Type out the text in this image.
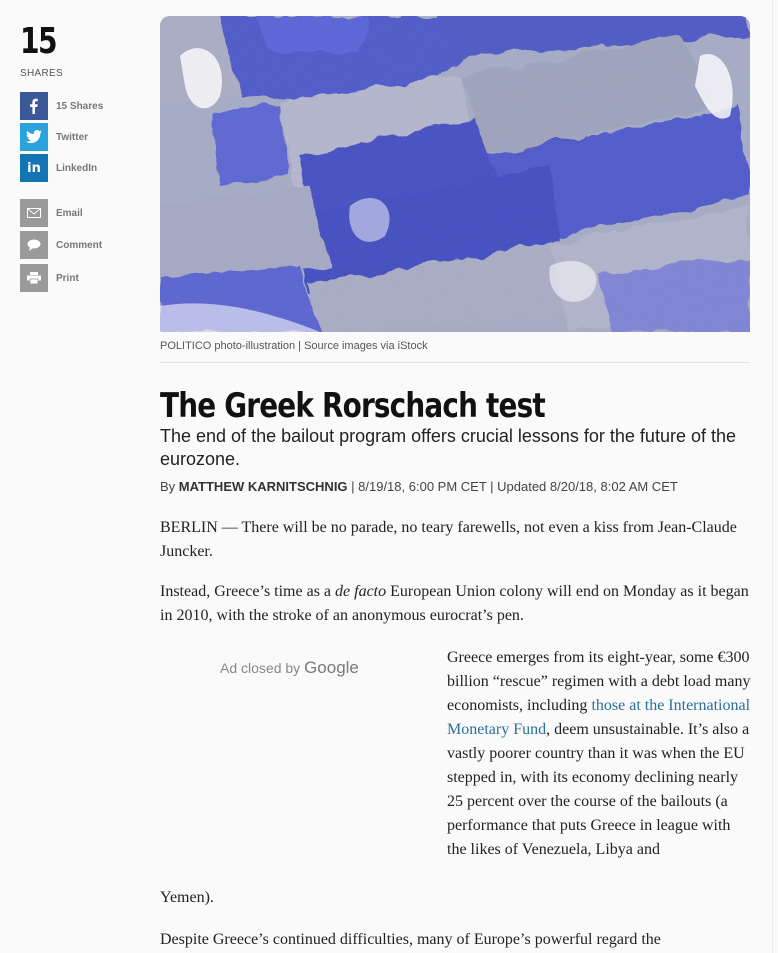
15
SHARES
15 Shares
Twitter
in LinkedIn
Email
Comment
Print
POLITICO photo-illustration | Source images via iStock
The Greek Rorschach test

The end of the bailout program offers crucial lessons for the future of the eurozone.

By MATTHEW KARNITSCHNIG | 8/19/18, 6:00 PM CET | Updated 8/20/18, 8:02 AM CET

BERLIN — There will be no parade, no teary farewells, not even a kiss from Jean-Claude Juncker.

Instead, Greece’s time as a de facto European Union colony will end on Monday as it began in 2010, with the stroke of an anonymous eurocrat’s pen.

Ad closed by Google

Greece emerges from its eight-year, some €300 billion “rescue” regimen with a debt load many economists, including those at the International Monetary Fund, deem unsustainable. It’s also a vastly poorer country than it was when the EU stepped in, with its economy declining nearly 25 percent over the course of the bailouts (a performance that puts Greece in league with the likes of Venezuela, Libya and

Yemen).

Despite Greece’s continued difficulties, many of Europe’s powerful regard the
